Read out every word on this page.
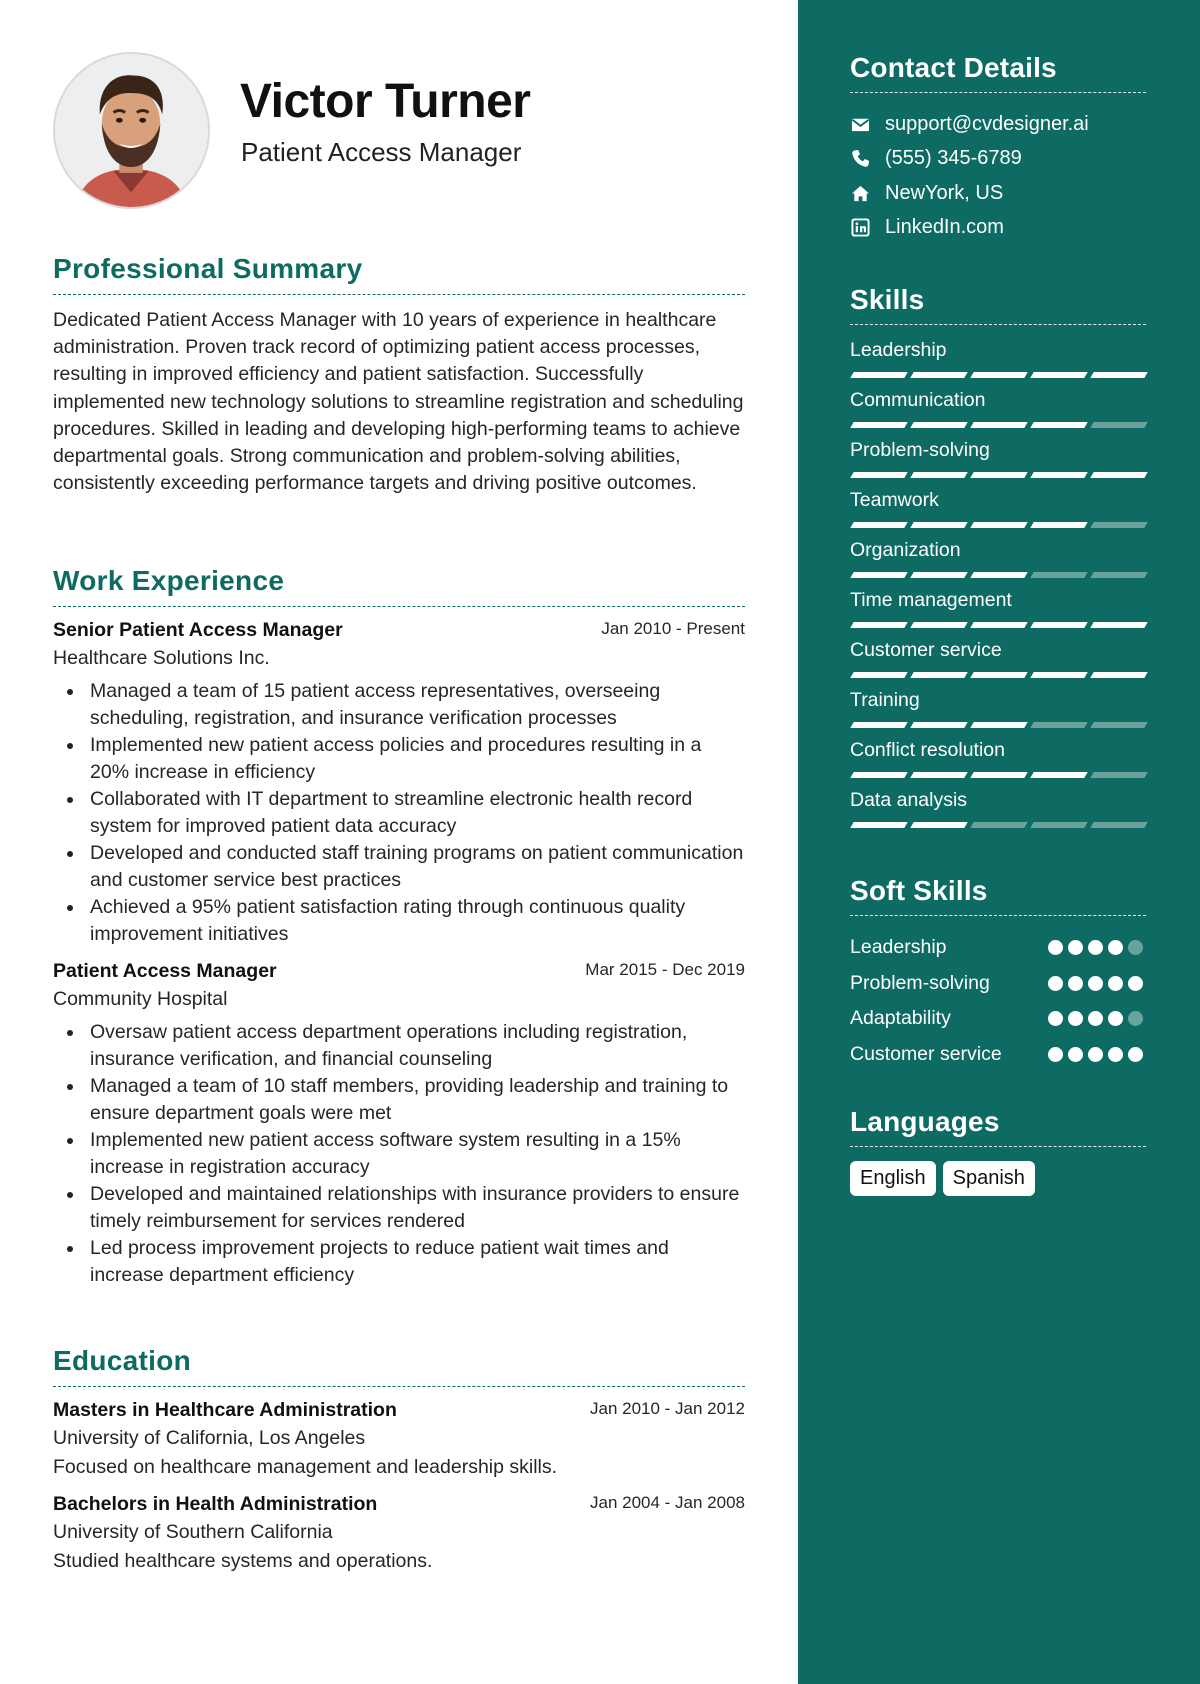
Victor Turner
Patient Access Manager
Professional Summary

Dedicated Patient Access Manager with 10 years of experience in healthcare administration. Proven track record of optimizing patient access processes, resulting in improved efficiency and patient satisfaction. Successfully implemented new technology solutions to streamline registration and scheduling procedures. Skilled in leading and developing high-performing teams to achieve departmental goals. Strong communication and problem-solving abilities, consistently exceeding performance targets and driving positive outcomes.

Work Experience
Senior Patient Access Manager	Jan 2010 - Present
Healthcare Solutions Inc.
Managed a team of 15 patient access representatives, overseeing scheduling, registration, and insurance verification processes
Implemented new patient access policies and procedures resulting in a 20% increase in efficiency
Collaborated with IT department to streamline electronic health record system for improved patient data accuracy
Developed and conducted staff training programs on patient communication and customer service best practices
Achieved a 95% patient satisfaction rating through continuous quality improvement initiatives
Patient Access Manager	Mar 2015 - Dec 2019
Community Hospital
Oversaw patient access department operations including registration, insurance verification, and financial counseling
Managed a team of 10 staff members, providing leadership and training to ensure department goals were met
Implemented new patient access software system resulting in a 15% increase in registration accuracy
Developed and maintained relationships with insurance providers to ensure timely reimbursement for services rendered
Led process improvement projects to reduce patient wait times and increase department efficiency
Education
Masters in Healthcare Administration	Jan 2010 - Jan 2012
University of California, Los Angeles
Focused on healthcare management and leadership skills.
Bachelors in Health Administration	Jan 2004 - Jan 2008
University of Southern California
Studied healthcare systems and operations.
Contact Details
support@cvdesigner.ai
(555) 345-6789
NewYork, US
LinkedIn.com
Skills
Leadership
Communication
Problem-solving
Teamwork
Organization
Time management
Customer service
Training
Conflict resolution
Data analysis
Soft Skills
Leadership
Problem-solving
Adaptability
Customer service
Languages
English	Spanish
